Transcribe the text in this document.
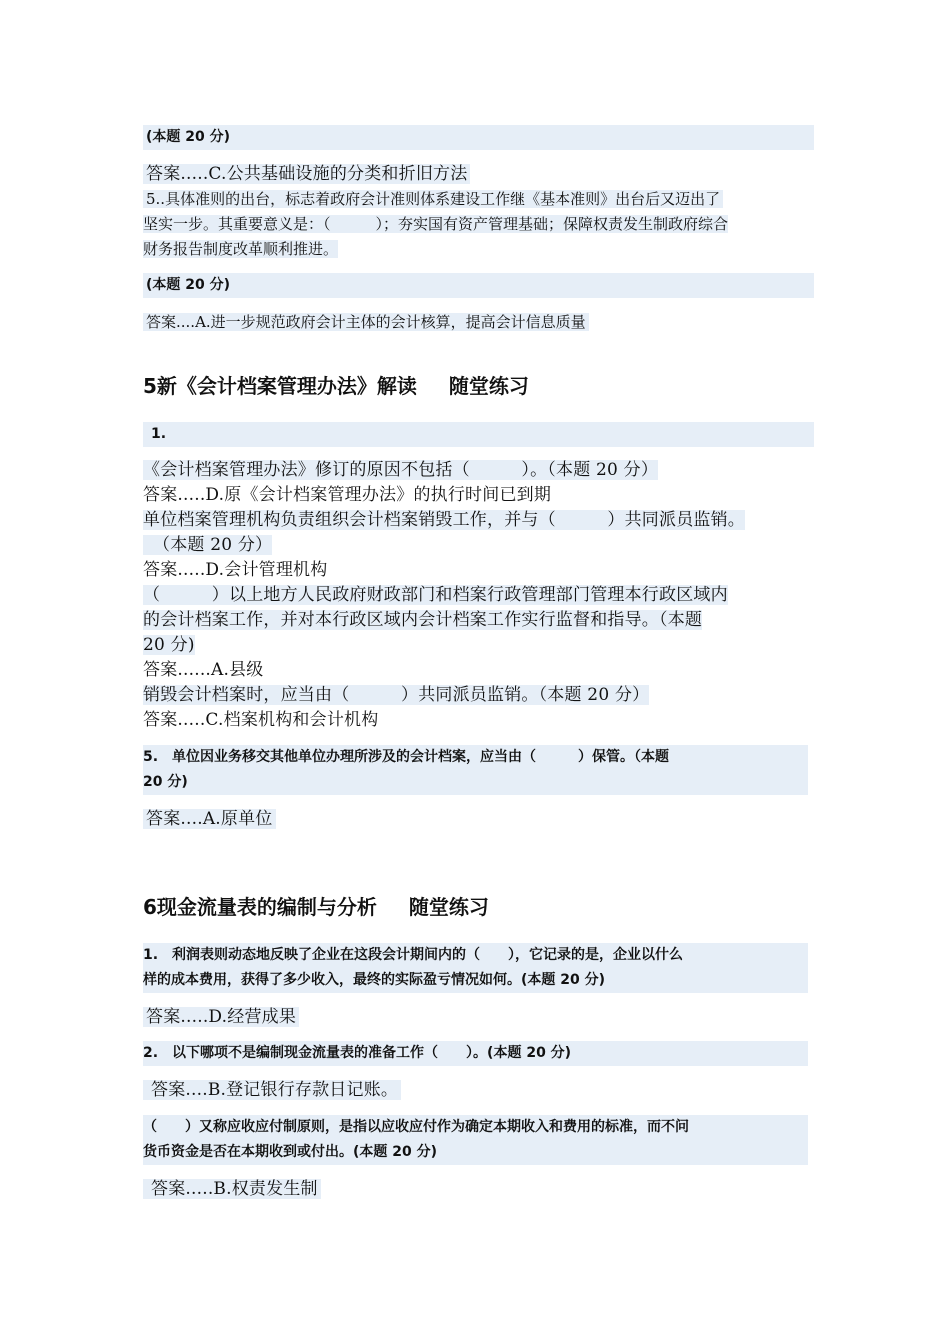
(本题 20 分)
答案.....C.公共基础设施的分类和折旧方法
5..具体准则的出台，标志着政府会计准则体系建设工作继《基本准则》出台后又迈出了
坚实一步。其重要意义是：（　　　）；夯实国有资产管理基础；保障权责发生制政府综合
财务报告制度改革顺利推进。
(本题 20 分)
答案....A.进一步规范政府会计主体的会计核算，提高会计信息质量
5新《会计档案管理办法》解读 随堂练习
1.
《会计档案管理办法》修订的原因不包括（　　　）。（本题 20 分）
答案.....D.原《会计档案管理办法》的执行时间已到期
单位档案管理机构负责组织会计档案销毁工作，并与（　　　）共同派员监销。
（本题 20 分）
答案.....D.会计管理机构
（　　　）以上地方人民政府财政部门和档案行政管理部门管理本行政区域内
的会计档案工作，并对本行政区域内会计档案工作实行监督和指导。（本题
20 分)
答案......A.县级
销毁会计档案时，应当由（　　　）共同派员监销。（本题 20 分）
答案.....C.档案机构和会计机构
5.　单位因业务移交其他单位办理所涉及的会计档案，应当由（　　　）保管。（本题
20 分)
答案....A.原单位
6现金流量表的编制与分析 随堂练习
1.　利润表则动态地反映了企业在这段会计期间内的（　　），它记录的是，企业以什么
样的成本费用，获得了多少收入，最终的实际盈亏情况如何。(本题 20 分)
答案.....D.经营成果
2.　以下哪项不是编制现金流量表的准备工作（　　）。(本题 20 分)
答案....B.登记银行存款日记账。
（　　）又称应收应付制原则，是指以应收应付作为确定本期收入和费用的标准，而不问
货币资金是否在本期收到或付出。(本题 20 分)
答案.....B.权责发生制
